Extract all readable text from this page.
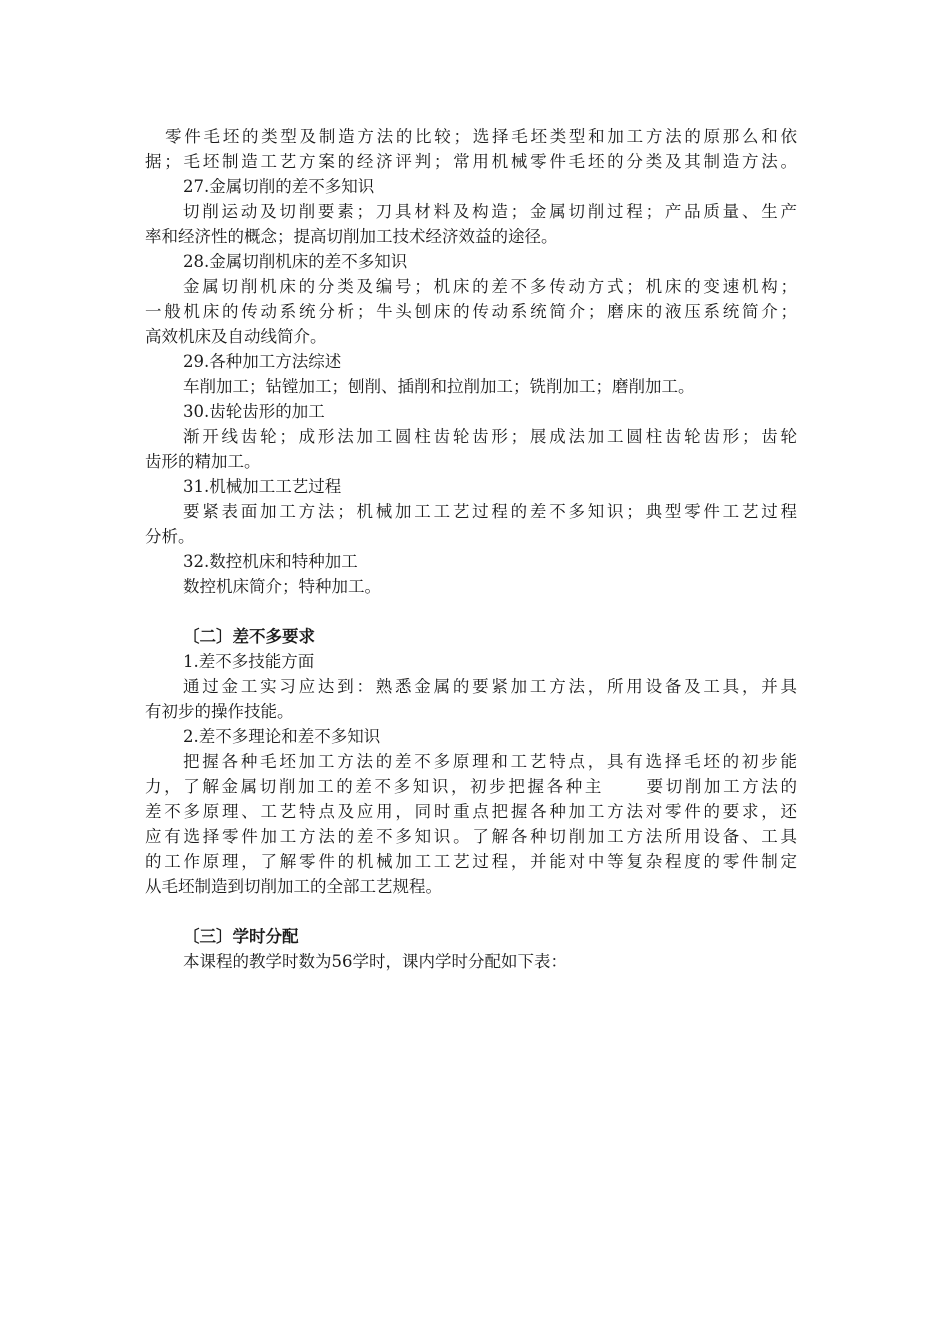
零件毛坯的类型及制造方法的比较；选择毛坯类型和加工方法的原那么和依
据；毛坯制造工艺方案的经济评判；常用机械零件毛坯的分类及其制造方法。
27.金属切削的差不多知识
切削运动及切削要素；刀具材料及构造；金属切削过程；产品质量、生产
率和经济性的概念；提高切削加工技术经济效益的途径。
28.金属切削机床的差不多知识
金属切削机床的分类及编号；机床的差不多传动方式；机床的变速机构；
一般机床的传动系统分析；牛头刨床的传动系统简介；磨床的液压系统简介；
高效机床及自动线简介。
29.各种加工方法综述
车削加工；钻镗加工；刨削、插削和拉削加工；铣削加工；磨削加工。
30.齿轮齿形的加工
渐开线齿轮；成形法加工圆柱齿轮齿形；展成法加工圆柱齿轮齿形；齿轮
齿形的精加工。
31.机械加工工艺过程
要紧表面加工方法；机械加工工艺过程的差不多知识；典型零件工艺过程
分析。
32.数控机床和特种加工
数控机床简介；特种加工。
〔二〕差不多要求
1.差不多技能方面
通过金工实习应达到：熟悉金属的要紧加工方法，所用设备及工具，并具
有初步的操作技能。
2.差不多理论和差不多知识
把握各种毛坯加工方法的差不多原理和工艺特点，具有选择毛坯的初步能
力，了解金属切削加工的差不多知识，初步把握各种主 要切削加工方法的
差不多原理、工艺特点及应用，同时重点把握各种加工方法对零件的要求，还
应有选择零件加工方法的差不多知识。了解各种切削加工方法所用设备、工具
的工作原理，了解零件的机械加工工艺过程，并能对中等复杂程度的零件制定
从毛坯制造到切削加工的全部工艺规程。
〔三〕学时分配
本课程的教学时数为56学时，课内学时分配如下表：
